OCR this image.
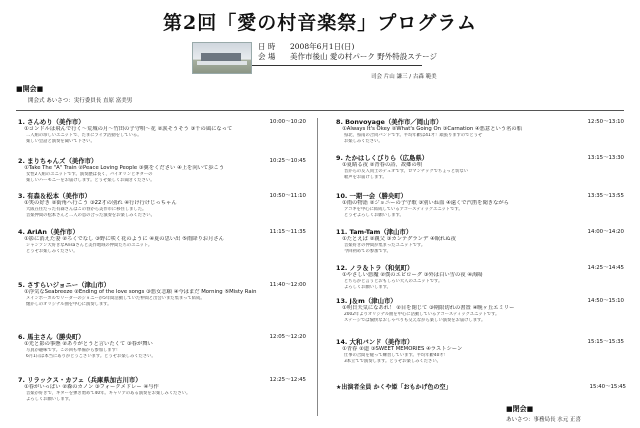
第2回「愛の村音楽祭」プログラム
日 時 2008年6月1日(日)
会 場 美作市後山 愛の村パーク 野外特設ステージ
司会 片山 謙三 / 古森 範美
■開会■
開会式 あいさつ：実行委員長 直原 富美男
1. さんめり（美作市）	10:00〜10:20
①コンドルは飛んで行く〜荒城の月〜竹田の子守唄〜花 ②涙そうそう ③千の風になって
二人組の珍しいユニットで、たまにライブ活動をしている。
楽しい会話と演奏を聞いて下さい。
2. まりちゃんズ（美作市）	10:25〜10:45
①Take The "A" Train ②Peace Loving People ③翼をください ④上を向いて歩こう
女性2人組のユニットです。演奏歴は長く、バイオリンとギターの
楽しいハーモニーをお届けします。どうぞ楽しくお聞きください。
3. 有森＆松本（美作市）	10:50〜11:10
①笑の好き ②街角へ行こう ③22才の別れ ④行け行けじっちゃん
大阪在住だった有森さんはこの春から美作市に移住しました。
音楽仲間の松本さんと二人の息の合った演奏をお楽しみください。
4. AriAn（美作市）	11:15〜11:35
①影に消えた妻 ②ろくでなし ③野に咲く花のように ④夏の思い出 ⑤雨降りお月さん
シャンソン大好きなArisaさんと美作地域の仲間たちのユニット。
どうぞお楽しみください。
5. さすらいジョニー（津山市）	11:40〜12:00
①浮気なSeabreeze ②Ending of the love songs ③悪女志願 ④今はまだ Morning ⑤Misty Rain
メインボーカルでリーダーのジョニーが5年間活動していた仲間と出会いまた集まって結成。
懐かしのオリジナル曲を中心に演奏します。
6. 馬主さん（勝央町）	12:05〜12:20
①光と影の事態 ②ありがとうと言いたくて ③春が舞い
写真が趣味です。この回も準備から参加します！
6月1日は本当にありがとうございます。どうぞお楽しみください。
7. リラックス・カフェ（兵庫県加古川市）	12:25〜12:45
①春がいっぱい ②森のカノン ③フォークメドレー ④与作
音楽が好きで、ギターを弾き始めて40年。キャリアのある演奏をお楽しみください。
よろしくお願いします。
8. Bonvoyage（美作市／岡山市）	12:50〜13:10
①Always It's Okey ②What's Going On ③Carnation ④悪意という名の船
県北、県南の合同バンドです。平均年齢は41才！頑張りますのでどうぞ
お楽しみください。
9. たかはしくびりら（広島県）	13:15〜13:30
①夏睛る夜 ②青春の詩、故郷の唄
昔からの友人同士のデュオです。ロマンチックでちょっと切ない
歌声をお届けします。
10. 一期一会（勝央町）	13:35〜13:55
①雨の物語 ②ジョニーの子守歌 ③別いね血 ④遠くで汽笛を聞きながら
アコギを中心に結成しているアコースティックユニットです。
どうぞよろしくお願いします。
11. Tam-Tam（津山市）	14:00〜14:20
①たとえば ②親父 ③カンテグランデ ④眠れぬ夜
音楽好きの仲間が集まったユニットです。
今回初めての参加です。
12. ノラ＆トラ（和気町）	14:25〜14:45
①やさしい悪魔 ②僕のエピローグ ③外は白い雪の夜 ④海陽
どちらかと言うとおもしろい大人のユニットです。
よろしくお願いします。
13. j＆m（津山市）	14:50〜15:10
①明日天気になあれ！ ②目を閉じて ③期限切れの書置 ④晩ヶ丘エミリー
2002年よりオリジナル曲を中心に活動しているアコースティックユニットです。
ステージでは愉快なおしゃべりも交えながら楽しい演奏をお届けします。
14. 大和バンド（美作市）	15:15〜15:35
①青春 ②道 ③SWEET MEMORIES ④ラストシーン
仕事の合間を縫って練習しています。平均年齢40才！
3本立てで演奏します。どうぞお楽しみください。
★出演者全員 かくや姫「おもかげ色の空」	15:40〜15:45
■閉会■
あいさつ：事務局長 水元 正喜
